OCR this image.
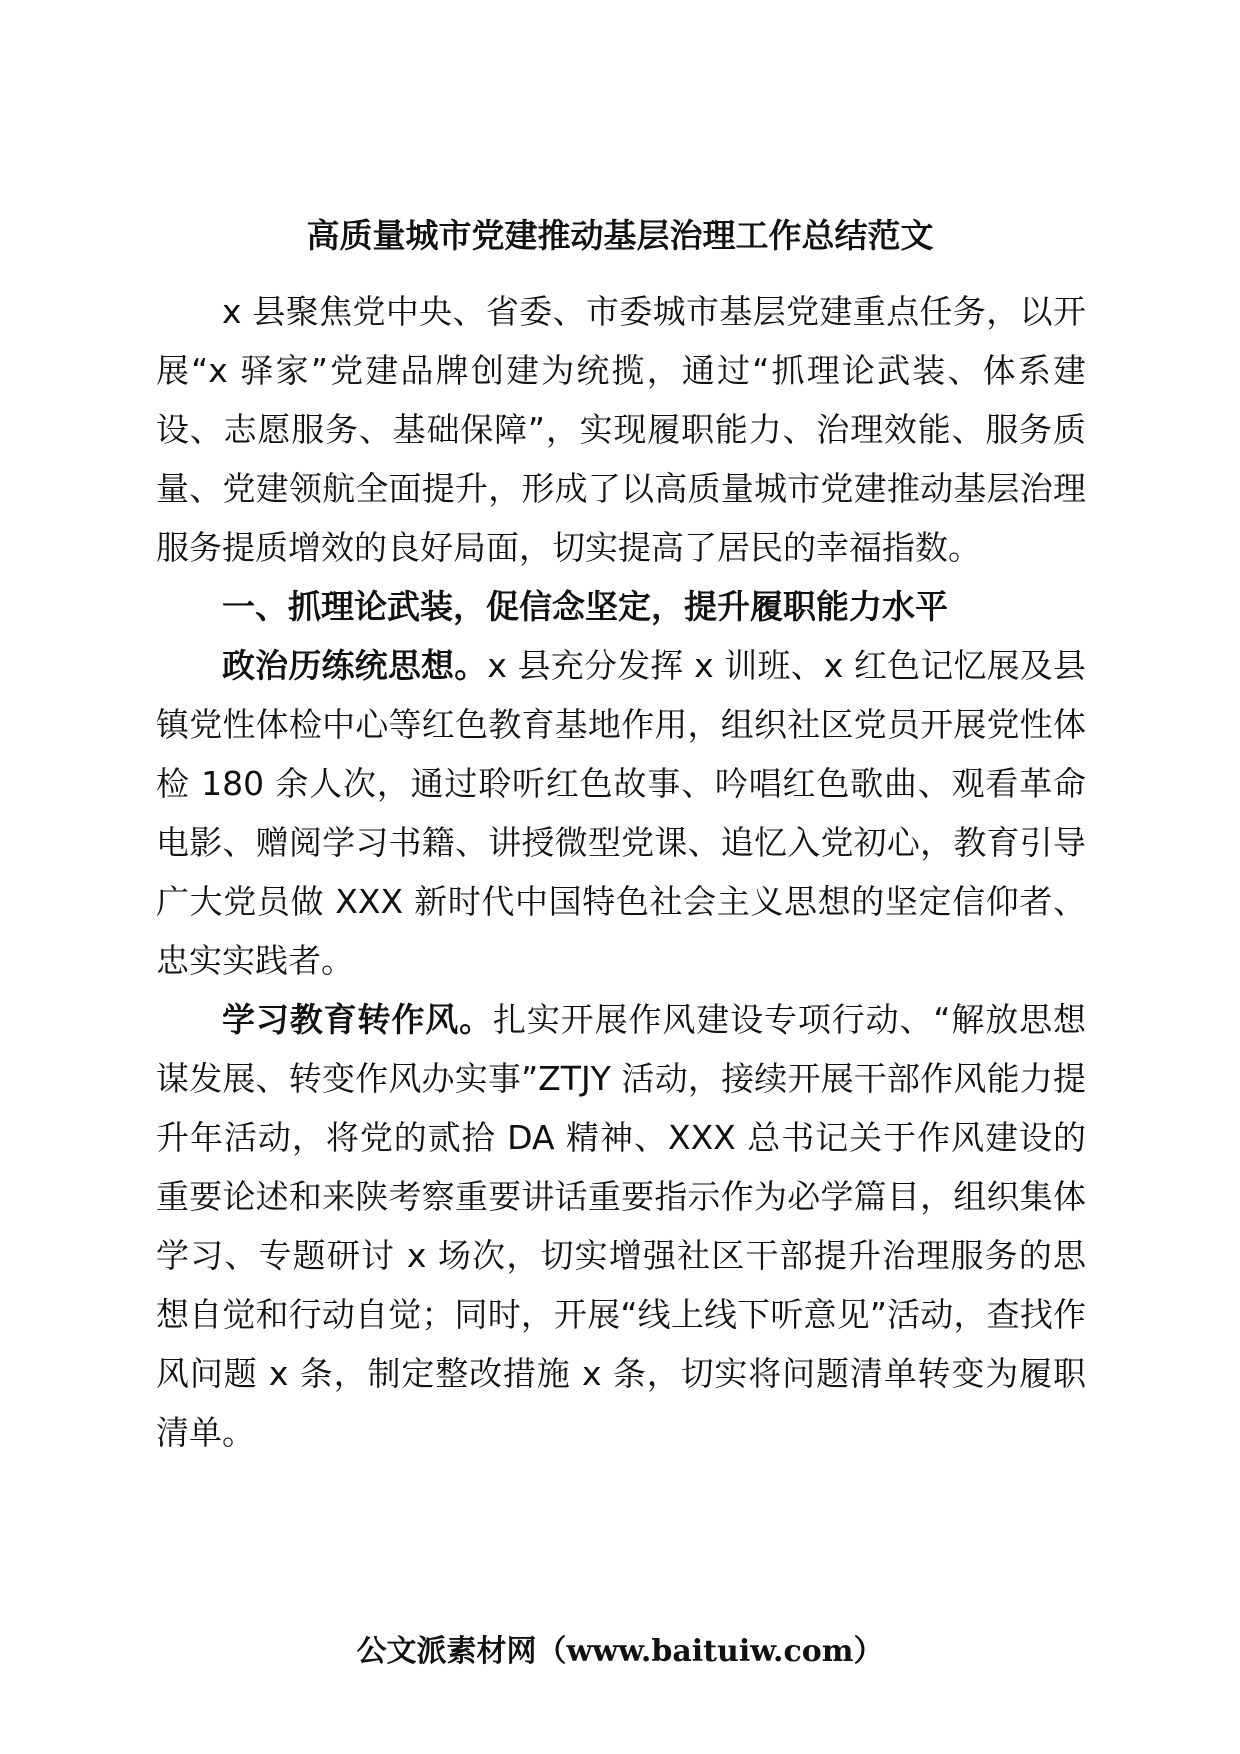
高质量城市党建推动基层治理工作总结范文

x 县聚焦党中央、省委、市委城市基层党建重点任务，以开展“x 驿家”党建品牌创建为统揽，通过“抓理论武装、体系建设、志愿服务、基础保障”，实现履职能力、治理效能、服务质量、党建领航全面提升，形成了以高质量城市党建推动基层治理服务提质增效的良好局面，切实提高了居民的幸福指数。

一、抓理论武装，促信念坚定，提升履职能力水平

政治历练统思想。x 县充分发挥 x 训班、x 红色记忆展及县镇党性体检中心等红色教育基地作用，组织社区党员开展党性体检 180 余人次，通过聆听红色故事、吟唱红色歌曲、观看革命电影、赠阅学习书籍、讲授微型党课、追忆入党初心，教育引导广大党员做 XXX 新时代中国特色社会主义思想的坚定信仰者、忠实实践者。

学习教育转作风。扎实开展作风建设专项行动、“解放思想谋发展、转变作风办实事”ZTJY 活动，接续开展干部作风能力提升年活动，将党的贰拾 DA 精神、XXX 总书记关于作风建设的重要论述和来陕考察重要讲话重要指示作为必学篇目，组织集体学习、专题研讨 x 场次，切实增强社区干部提升治理服务的思想自觉和行动自觉；同时，开展“线上线下听意见”活动，查找作风问题 x 条，制定整改措施 x 条，切实将问题清单转变为履职清单。

公文派素材网（www.baituiw.com）
